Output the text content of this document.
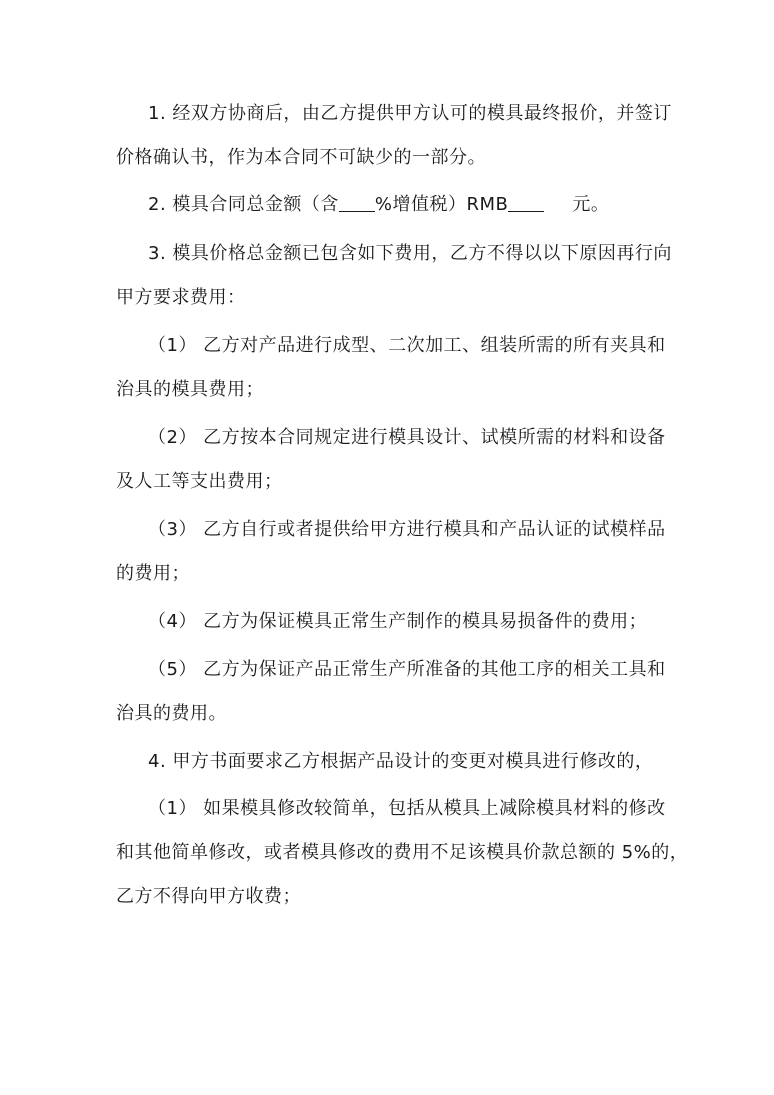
1. 经双方协商后，由乙方提供甲方认可的模具最终报价，并签订
价格确认书，作为本合同不可缺少的一部分。
2. 模具合同总金额（含 %增值税）RMB	元。
3. 模具价格总金额已包含如下费用，乙方不得以以下原因再行向
甲方要求费用：
（1） 乙方对产品进行成型、二次加工、组装所需的所有夹具和
治具的模具费用；
（2） 乙方按本合同规定进行模具设计、试模所需的材料和设备
及人工等支出费用；
（3） 乙方自行或者提供给甲方进行模具和产品认证的试模样品
的费用；
（4） 乙方为保证模具正常生产制作的模具易损备件的费用；
（5） 乙方为保证产品正常生产所准备的其他工序的相关工具和
治具的费用。
4. 甲方书面要求乙方根据产品设计的变更对模具进行修改的，
（1） 如果模具修改较简单，包括从模具上减除模具材料的修改
和其他简单修改，或者模具修改的费用不足该模具价款总额的 5%的，
乙方不得向甲方收费；
